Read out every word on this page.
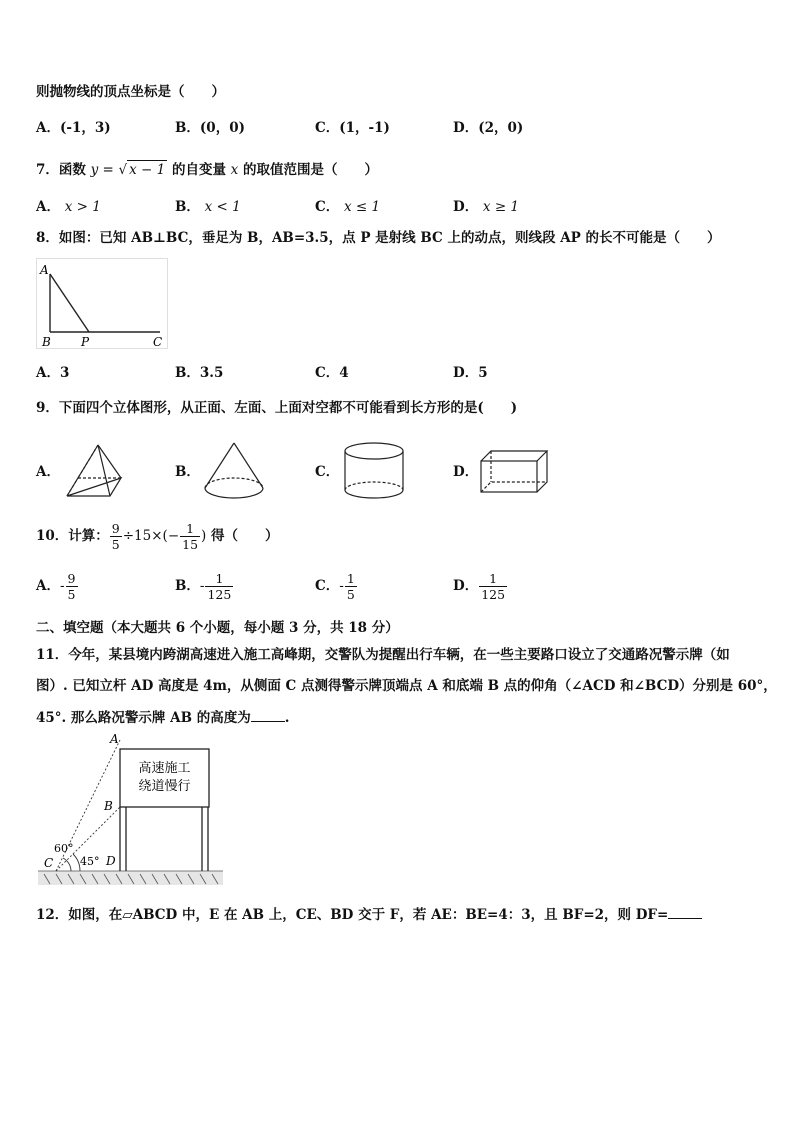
则抛物线的顶点坐标是（　　）
A．(-1，3)	B．(0，0)	C．(1，-1)	D．(2，0)
7．函数 y = √ x − 1 的自变量 x 的取值范围是（　　）
A． x > 1	B． x < 1	C． x ≤ 1	D． x ≥ 1
8．如图：已知 AB⊥BC，垂足为 B，AB=3.5，点 P 是射线 BC 上的动点，则线段 AP 的长不可能是（　　）
A
B	P	C
A．3	B．3.5	C．4	D．5
9．下面四个立体图形，从正面、左面、上面对空都不可能看到长方形的是(　　)
A．	B．	C．	D．
10．计算： $\frac{9}{5} \div 15\times(- \frac{1}{15}$ ) 得（　　）
A．- $\frac{9}{5}$	B．- $\frac{1}{125}$	C．- $\frac{1}{5}$	D． $\frac{1}{125}$
二、填空题（本大题共 6 个小题，每小题 3 分，共 18 分）
11．今年，某县境内跨湖高速进入施工高峰期，交警队为提醒出行车辆，在一些主要路口设立了交通路况警示牌（如
图）. 已知立杆 AD 高度是 4m，从侧面 C 点测得警示牌顶端点 A 和底端 B 点的仰角（∠ACD 和∠BCD）分别是 60°，
45°. 那么路况警示牌 AB 的高度为	.
高速施工
绕道慢行
A
B
C	D
60°
45°
12．如图，在▱ABCD 中，E 在 AB 上，CE、BD 交于 F，若 AE：BE=4：3，且 BF=2，则 DF=
